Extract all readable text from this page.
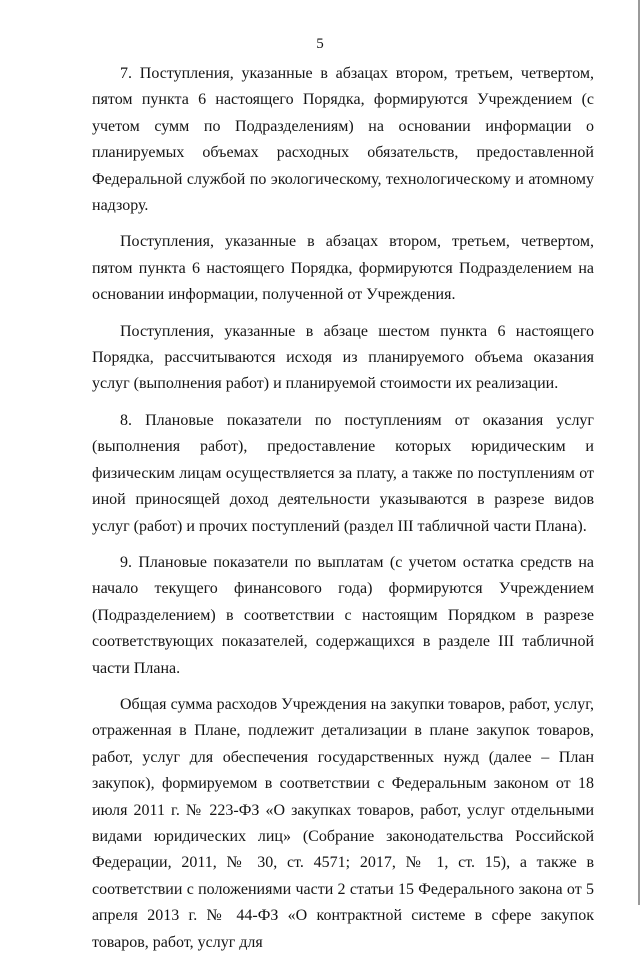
5

7. Поступления, указанные в абзацах втором, третьем, четвертом, пятом пункта 6 настоящего Порядка, формируются Учреждением (с учетом сумм по Подразделениям) на основании информации о планируемых объемах расходных обязательств, предоставленной Федеральной службой по экологическому, технологическому и атомному надзору.

Поступления, указанные в абзацах втором, третьем, четвертом, пятом пункта 6 настоящего Порядка, формируются Подразделением на основании информации, полученной от Учреждения.

Поступления, указанные в абзаце шестом пункта 6 настоящего Порядка, рассчитываются исходя из планируемого объема оказания услуг (выполнения работ) и планируемой стоимости их реализации.

8. Плановые показатели по поступлениям от оказания услуг (выполнения работ), предоставление которых юридическим и физическим лицам осуществляется за плату, а также по поступлениям от иной приносящей доход деятельности указываются в разрезе видов услуг (работ) и прочих поступлений (раздел III табличной части Плана).

9. Плановые показатели по выплатам (с учетом остатка средств на начало текущего финансового года) формируются Учреждением (Подразделением) в соответствии с настоящим Порядком в разрезе соответствующих показателей, содержащихся в разделе III табличной части Плана.

Общая сумма расходов Учреждения на закупки товаров, работ, услуг, отраженная в Плане, подлежит детализации в плане закупок товаров, работ, услуг для обеспечения государственных нужд (далее – План закупок), формируемом в соответствии с Федеральным законом от 18 июля 2011 г. № 223-ФЗ «О закупках товаров, работ, услуг отдельными видами юридических лиц» (Собрание законодательства Российской Федерации, 2011, № 30, ст. 4571; 2017, № 1, ст. 15), а также в соответствии с положениями части 2 статьи 15 Федерального закона от 5 апреля 2013 г. № 44-ФЗ «О контрактной системе в сфере закупок товаров, работ, услуг для
